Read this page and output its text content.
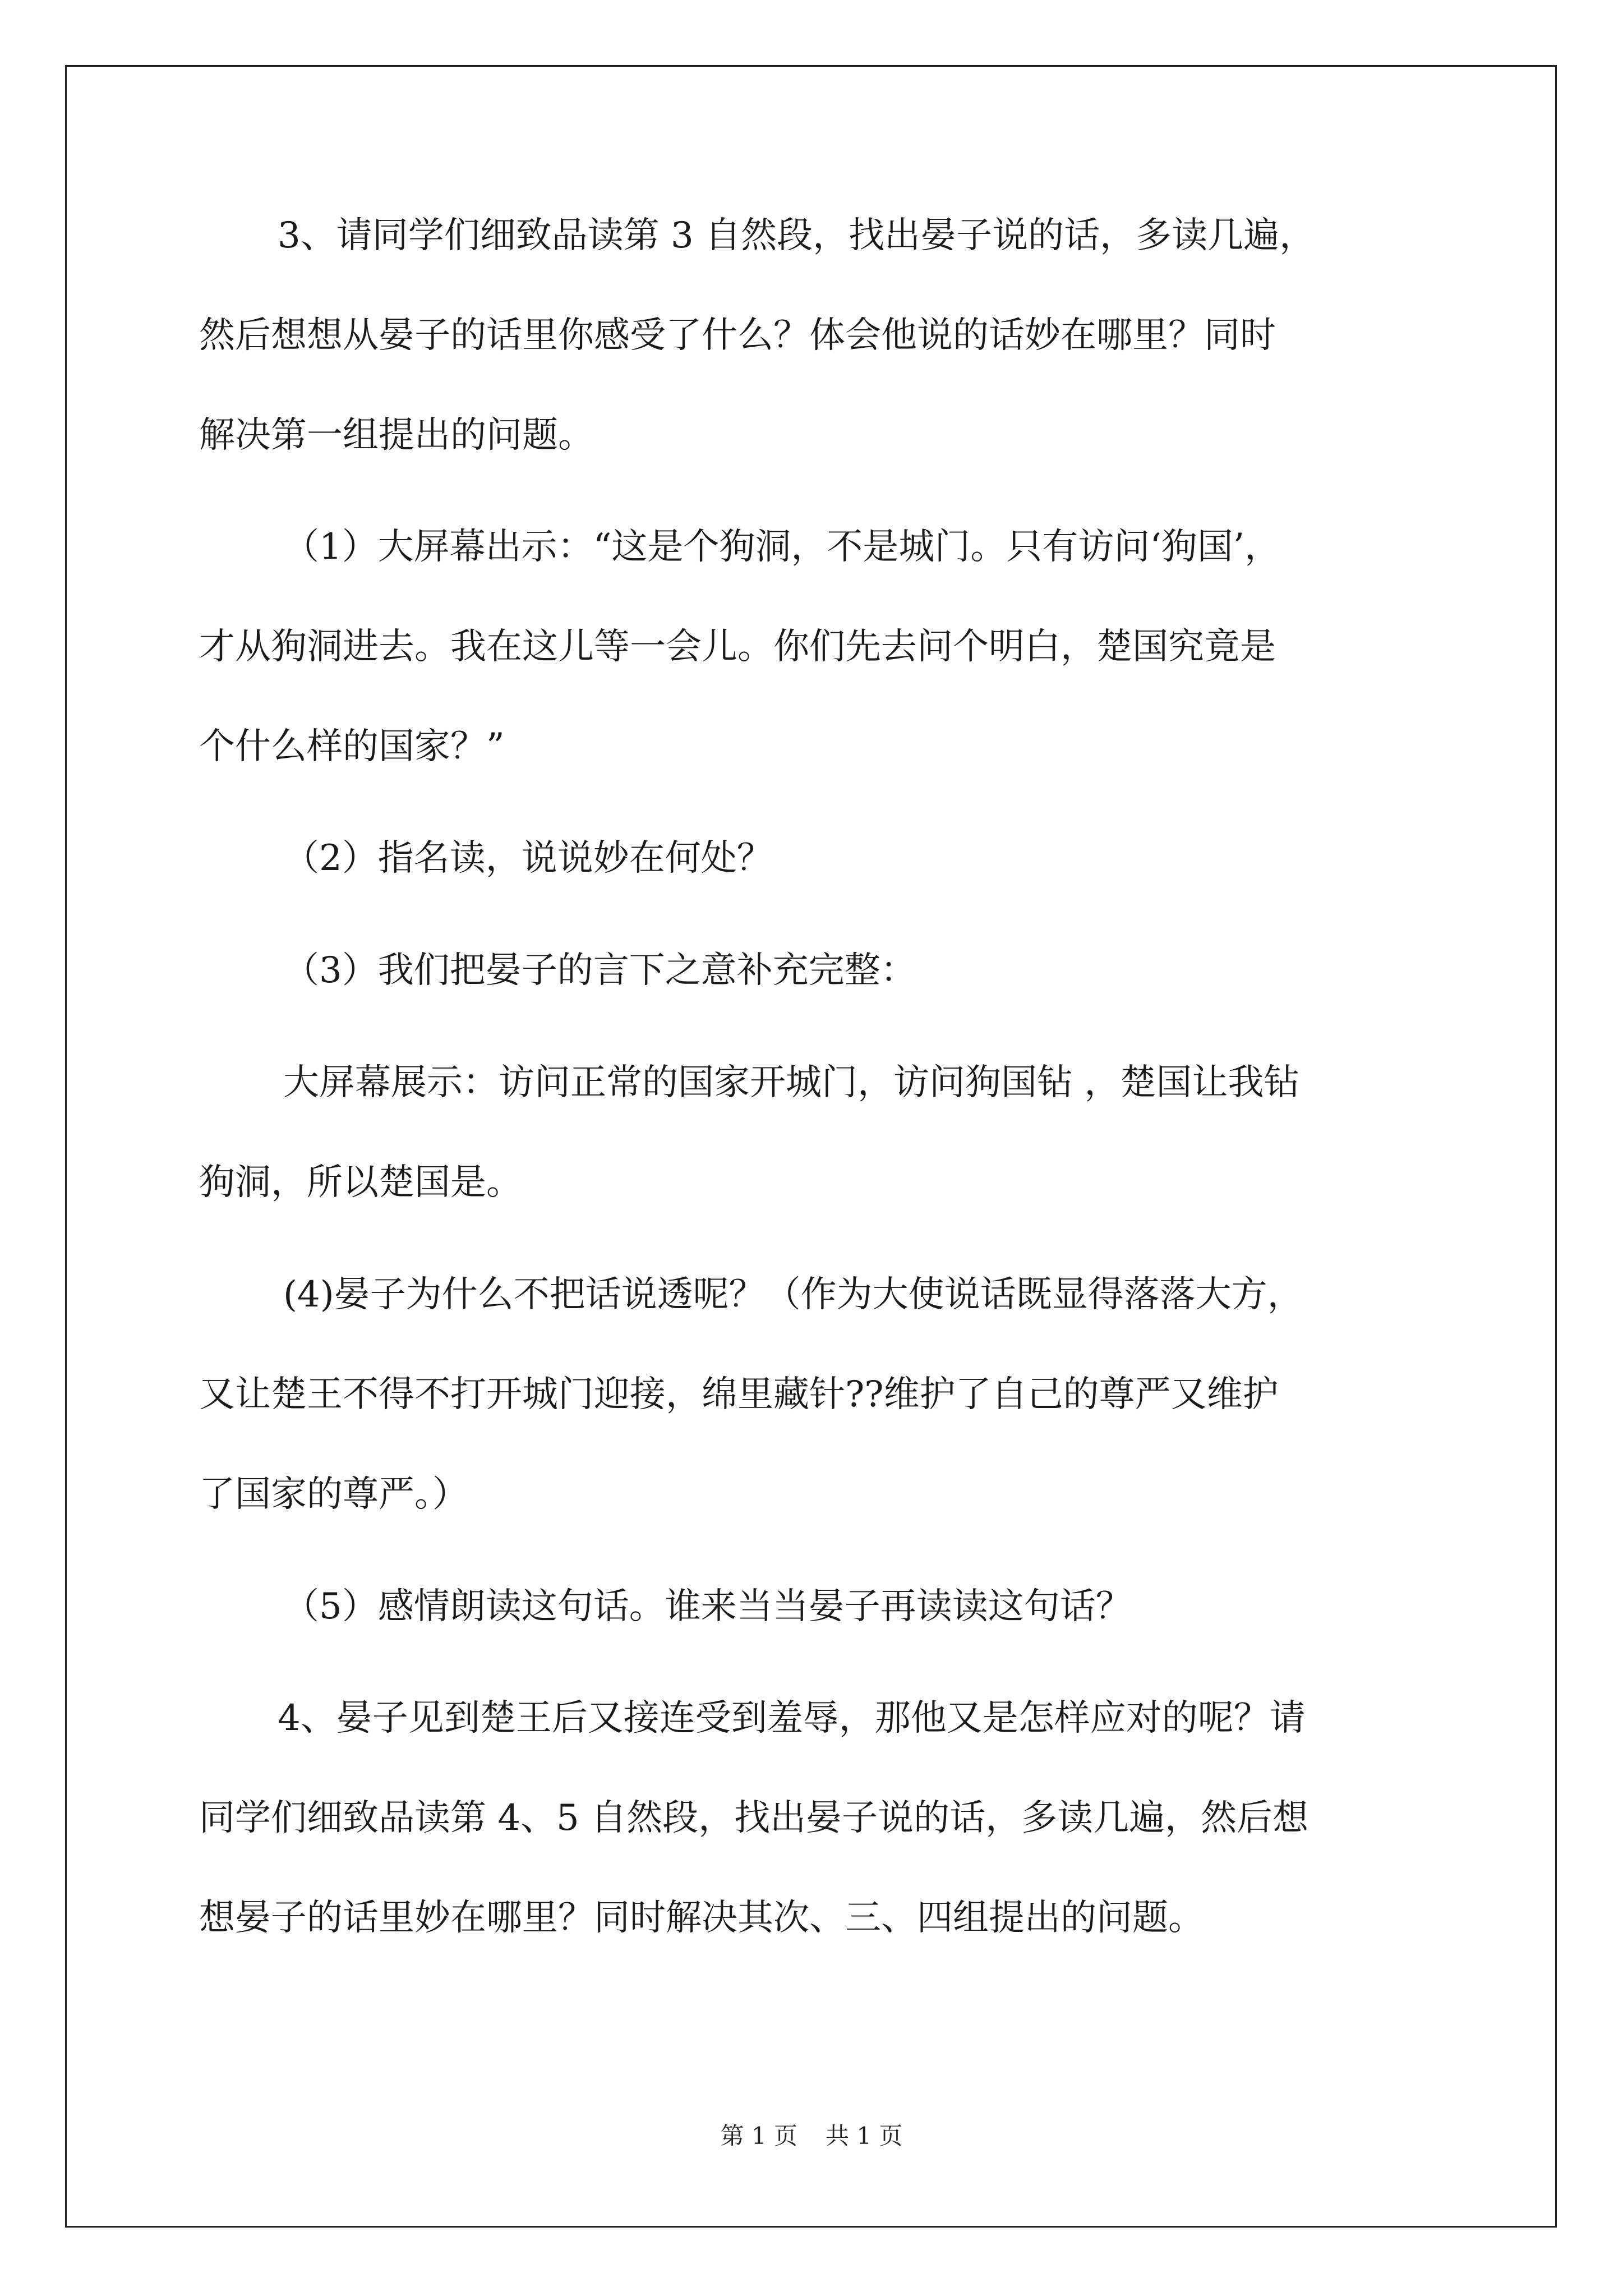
3、请同学们细致品读第 3 自然段，找出晏子说的话，多读几遍，
然后想想从晏子的话里你感受了什么？体会他说的话妙在哪里？同时
解决第一组提出的问题。
（1）大屏幕出示：“这是个狗洞，不是城门。只有访问‘狗国’，
才从狗洞进去。我在这儿等一会儿。你们先去问个明白，楚国究竟是
个什么样的国家？”
（2）指名读，说说妙在何处？
（3）我们把晏子的言下之意补充完整：
大屏幕展示：访问正常的国家开城门，访问狗国钻 ，楚国让我钻
狗洞，所以楚国是。
(4)晏子为什么不把话说透呢？（作为大使说话既显得落落大方，
又让楚王不得不打开城门迎接，绵里藏针??维护了自己的尊严又维护
了国家的尊严。）
（5）感情朗读这句话。谁来当当晏子再读读这句话？
4、晏子见到楚王后又接连受到羞辱，那他又是怎样应对的呢？请
同学们细致品读第 4、5 自然段，找出晏子说的话，多读几遍，然后想
想晏子的话里妙在哪里？同时解决其次、三、四组提出的问题。
第 1 页 共 1 页
